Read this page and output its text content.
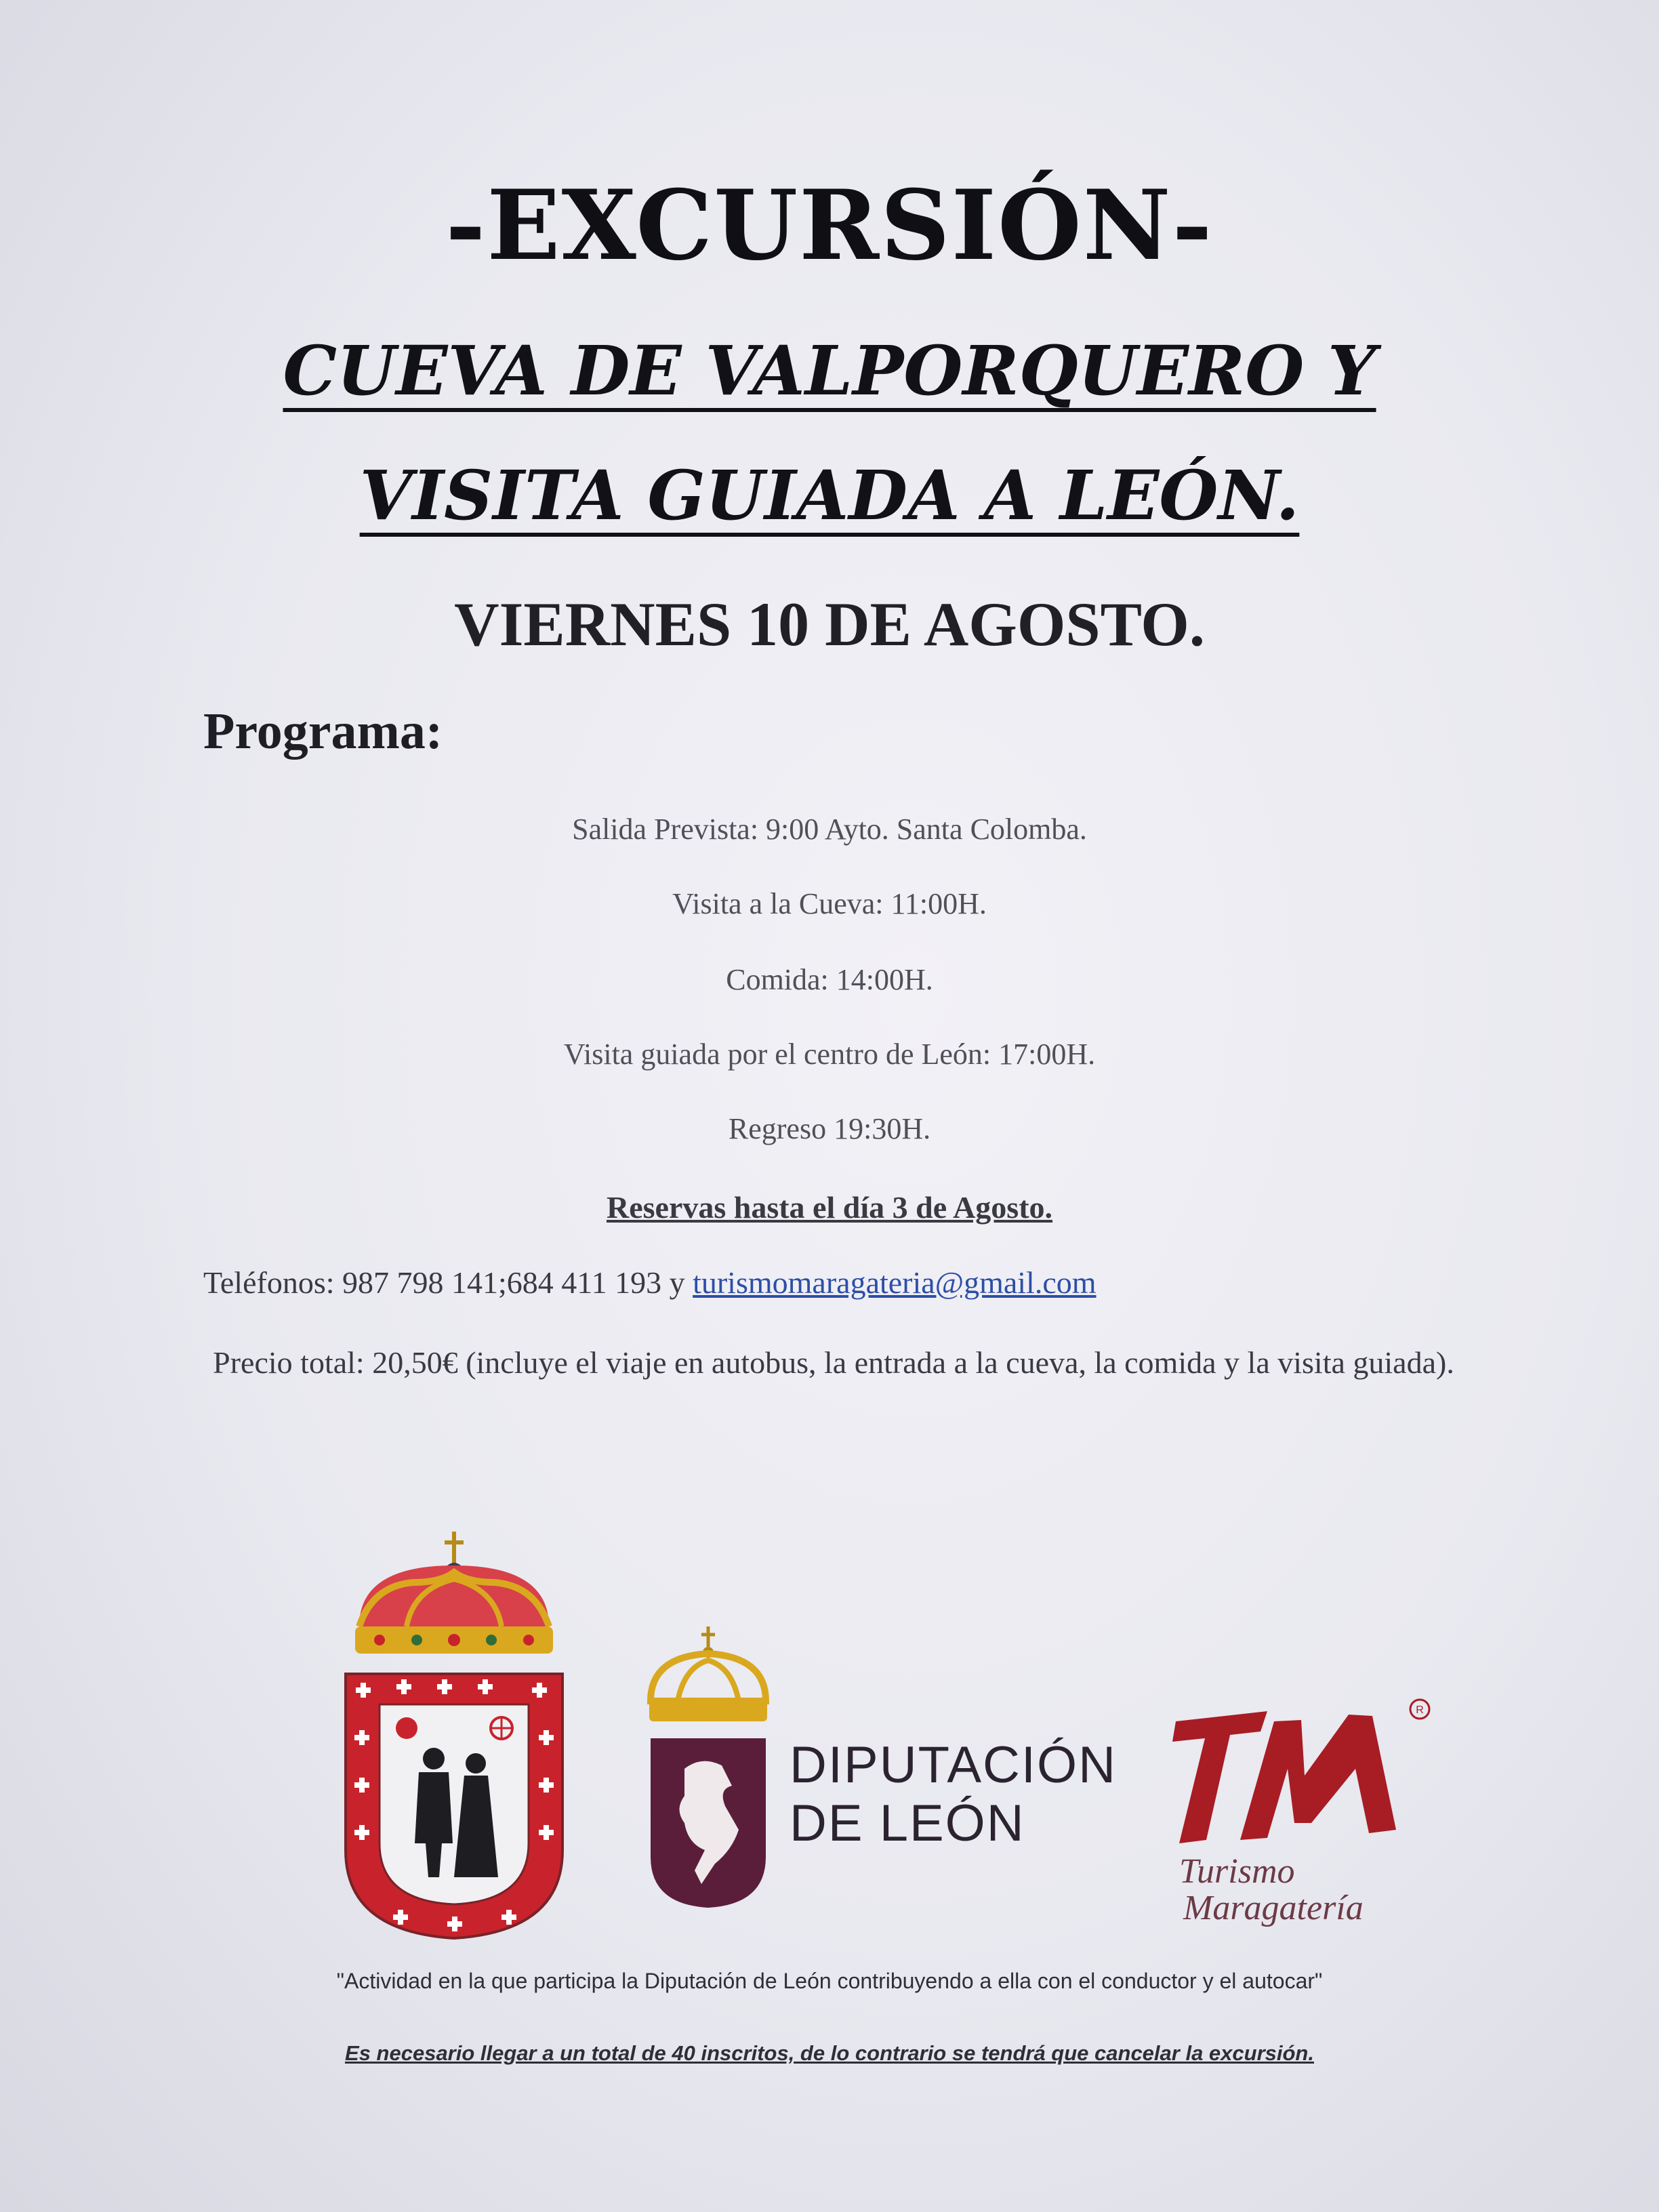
-EXCURSIÓN-
CUEVA DE VALPORQUERO Y
VISITA GUIADA A LEÓN.
VIERNES 10 DE AGOSTO.
Programa:
Salida Prevista: 9:00 Ayto. Santa Colomba.
Visita a la Cueva: 11:00H.
Comida: 14:00H.
Visita guiada por el centro de León: 17:00H.
Regreso 19:30H.
Reservas hasta el día 3 de Agosto.
Teléfonos: 987 798 141;684 411 193 y turismomaragateria@gmail.com
Precio total: 20,50€ (incluye el viaje en autobus, la entrada a la cueva, la comida y la visita guiada).
DIPUTACIÓN
DE LEÓN
R
Turismo
Maragatería
"Actividad en la que participa la Diputación de León contribuyendo a ella con el conductor y el autocar"
Es necesario llegar a un total de 40 inscritos, de lo contrario se tendrá que cancelar la excursión.
